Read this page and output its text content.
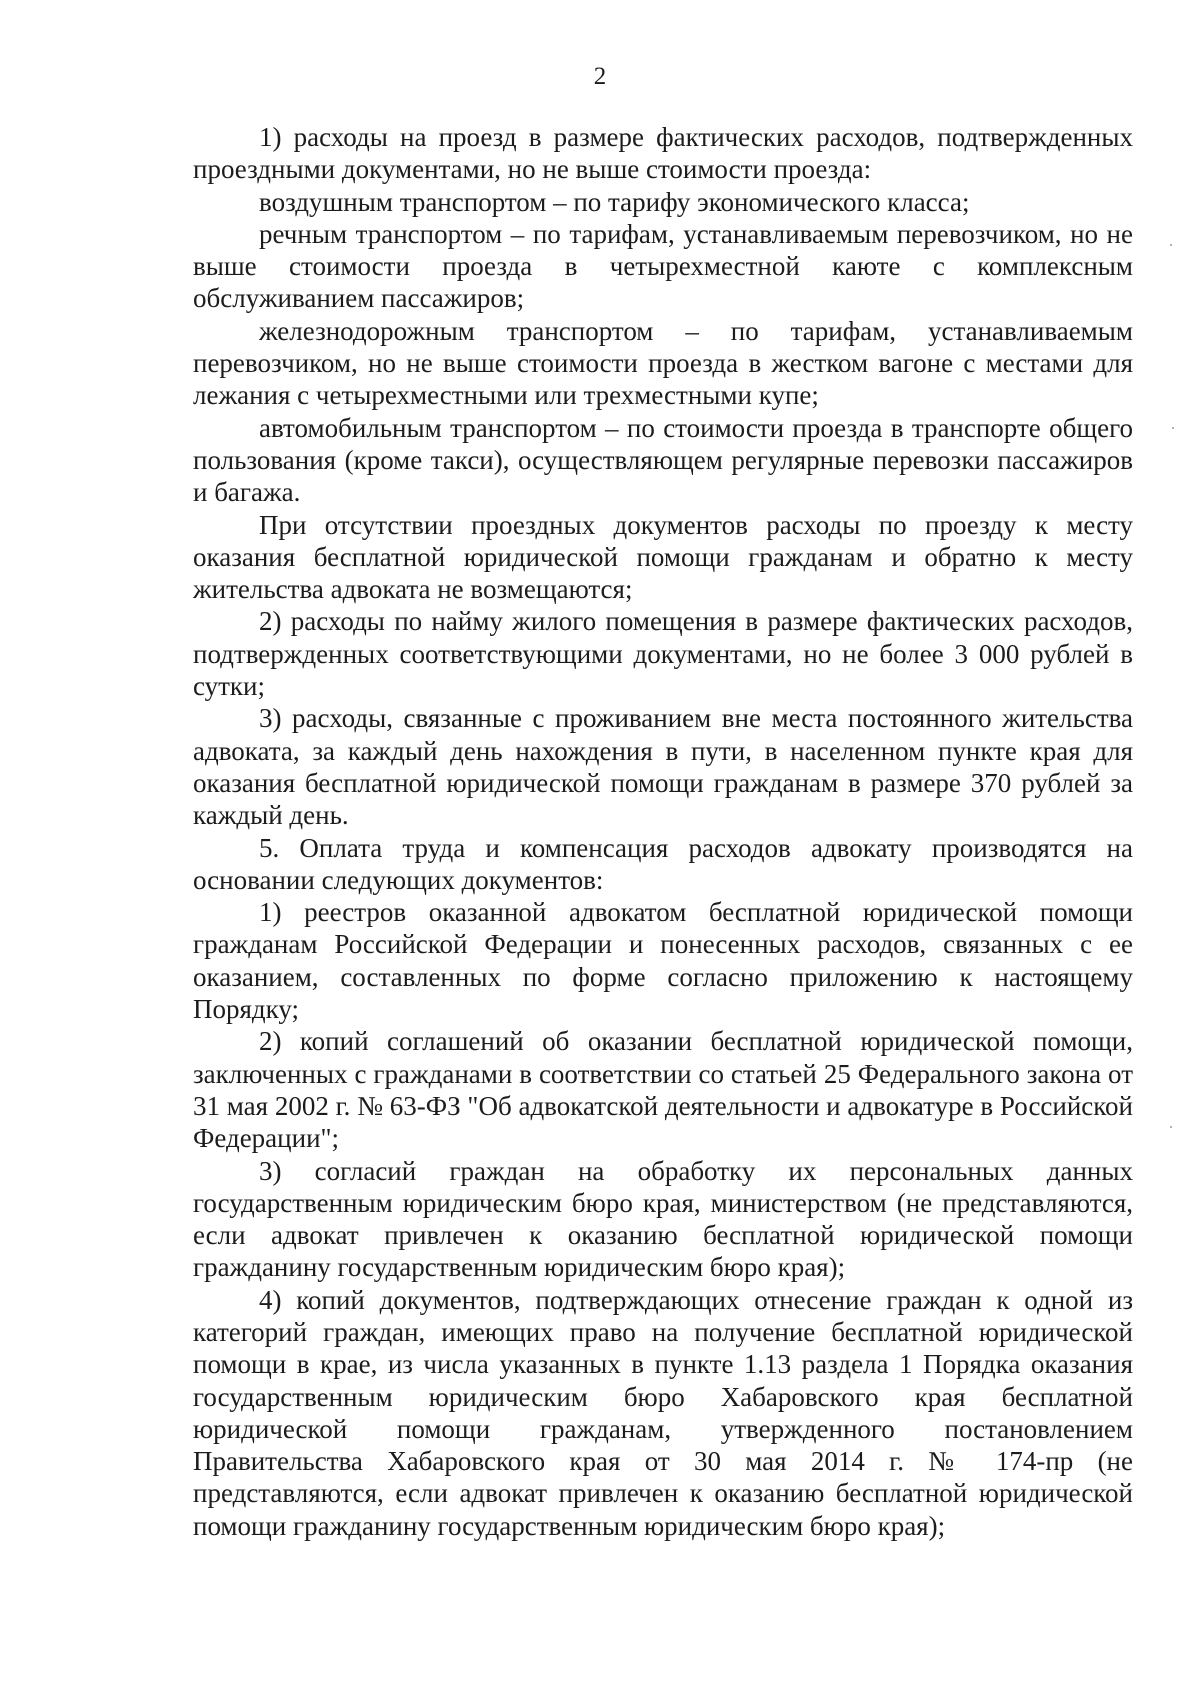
2

1) расходы на проезд в размере фактических расходов, подтвержденных проездными документами, но не выше стоимости проезда:

воздушным транспортом – по тарифу экономического класса;

речным транспортом – по тарифам, устанавливаемым перевозчиком, но не выше стоимости проезда в четырехместной каюте с комплексным обслуживанием пассажиров;

железнодорожным транспортом – по тарифам, устанавливаемым перевозчиком, но не выше стоимости проезда в жестком вагоне с местами для лежания с четырехместными или трехместными купе;

автомобильным транспортом – по стоимости проезда в транспорте общего пользования (кроме такси), осуществляющем регулярные перевозки пассажиров и багажа.

При отсутствии проездных документов расходы по проезду к месту оказания бесплатной юридической помощи гражданам и обратно к месту жительства адвоката не возмещаются;

2) расходы по найму жилого помещения в размере фактических расходов, подтвержденных соответствующими документами, но не более 3 000 рублей в сутки;

3) расходы, связанные с проживанием вне места постоянного жительства адвоката, за каждый день нахождения в пути, в населенном пункте края для оказания бесплатной юридической помощи гражданам в размере 370 рублей за каждый день.

5. Оплата труда и компенсация расходов адвокату производятся на основании следующих документов:

1) реестров оказанной адвокатом бесплатной юридической помощи гражданам Российской Федерации и понесенных расходов, связанных с ее оказанием, составленных по форме согласно приложению к настоящему Порядку;

2) копий соглашений об оказании бесплатной юридической помощи, заключенных с гражданами в соответствии со статьей 25 Федерального закона от 31 мая 2002 г. № 63-ФЗ "Об адвокатской деятельности и адвокатуре в Российской Федерации";

3) согласий граждан на обработку их персональных данных государственным юридическим бюро края, министерством (не представляются, если адвокат привлечен к оказанию бесплатной юридической помощи гражданину государственным юридическим бюро края);

4) копий документов, подтверждающих отнесение граждан к одной из категорий граждан, имеющих право на получение бесплатной юридической помощи в крае, из числа указанных в пункте 1.13 раздела 1 Порядка оказания государственным юридическим бюро Хабаровского края бесплатной юридической помощи гражданам, утвержденного постановлением Правительства Хабаровского края от 30 мая 2014 г. № 174-пр (не представляются, если адвокат привлечен к оказанию бесплатной юридической помощи гражданину государственным юридическим бюро края);
